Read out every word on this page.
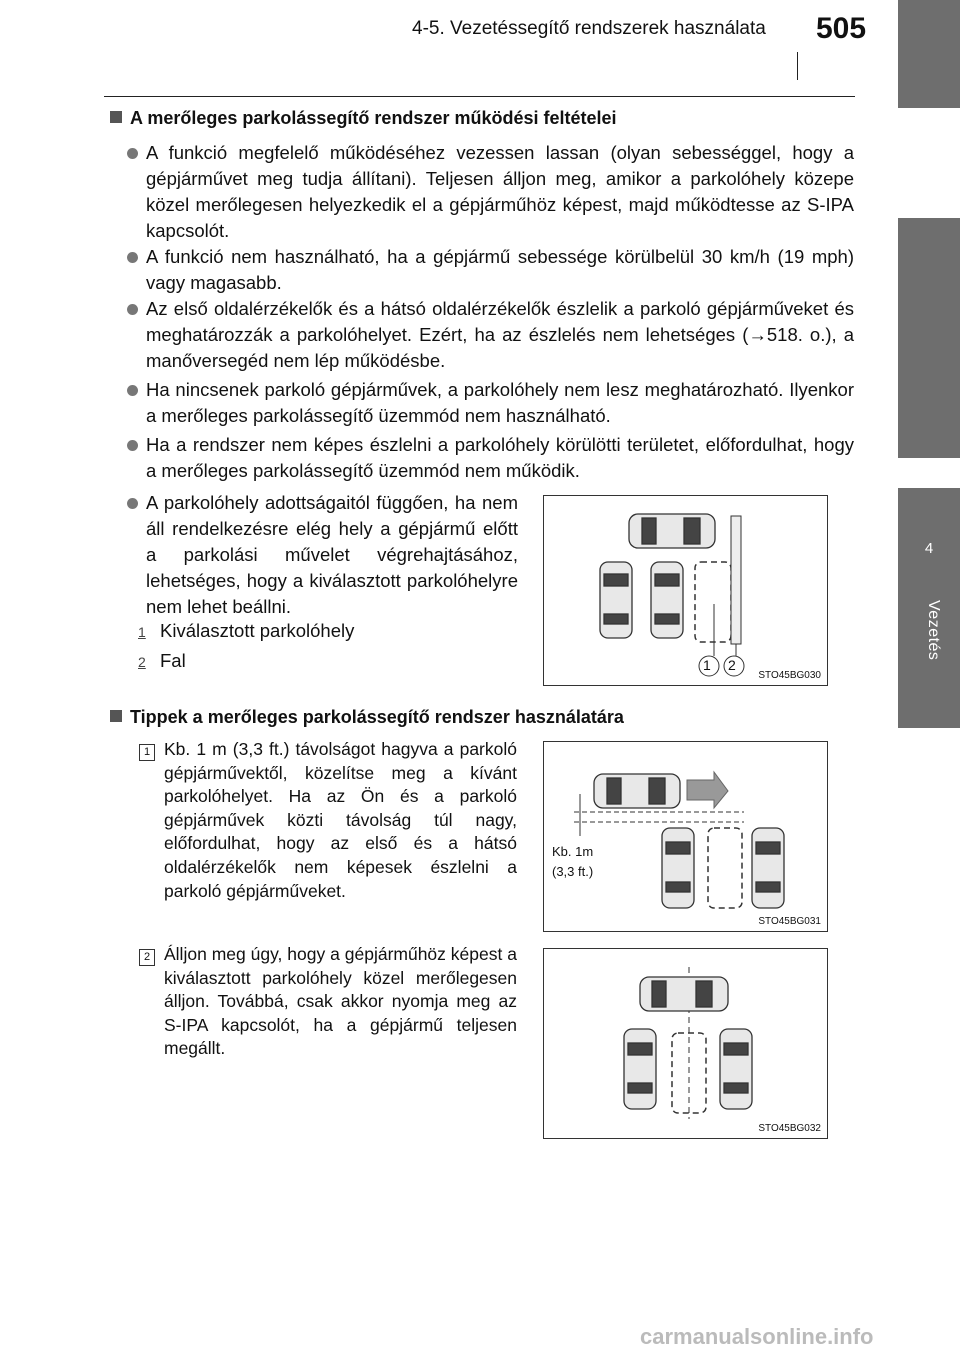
4-5. Vezetéssegítő rendszerek használata 505
4
Vezetés
A merőleges parkolássegítő rendszer működési feltételei
A funkció megfelelő működéséhez vezessen lassan (olyan sebességgel, hogy a gépjárművet meg tudja állítani). Teljesen álljon meg, amikor a parkolóhely közepe közel merőlegesen helyezkedik el a gépjárműhöz képest, majd működtesse az S-IPA kapcsolót.
A funkció nem használható, ha a gépjármű sebessége körülbelül 30 km/h (19 mph) vagy magasabb.
Az első oldalérzékelők és a hátsó oldalérzékelők észlelik a parkoló gépjárműveket és meghatározzák a parkolóhelyet. Ezért, ha az észlelés nem lehetséges (→518. o.), a manőversegéd nem lép működésbe.
Ha nincsenek parkoló gépjárművek, a parkolóhely nem lesz meghatározható. Ilyenkor a merőleges parkolássegítő üzemmód nem használható.
Ha a rendszer nem képes észlelni a parkolóhely körülötti területet, előfordulhat, hogy a merőleges parkolássegítő üzemmód nem működik.
A parkolóhely adottságaitól függően, ha nem áll rendelkezésre elég hely a gépjármű előtt a parkolási művelet végrehajtásához, lehetséges, hogy a kiválasztott parkolóhelyre nem lehet beállni.
1 Kiválasztott parkolóhely
2 Fal	1 2
STO45BG030
Tippek a merőleges parkolássegítő rendszer használatára
1 Kb. 1 m (3,3 ft.) távolságot hagyva a parkoló gépjárművektől, közelítse meg a kívánt parkolóhelyet. Ha az Ön és a parkoló gépjárművek közti távolság túl nagy, előfordulhat, hogy az első és a hátsó oldalérzékelők nem képesek észlelni a parkoló gépjárműveket.
Kb. 1m
(3,3 ft.)
STO45BG031
2 Álljon meg úgy, hogy a gépjárműhöz képest a kiválasztott parkolóhely közel merőlegesen álljon. Továbbá, csak akkor nyomja meg az S-IPA kapcsolót, ha a gépjármű teljesen megállt.
STO45BG032
carmanualsonline.info
